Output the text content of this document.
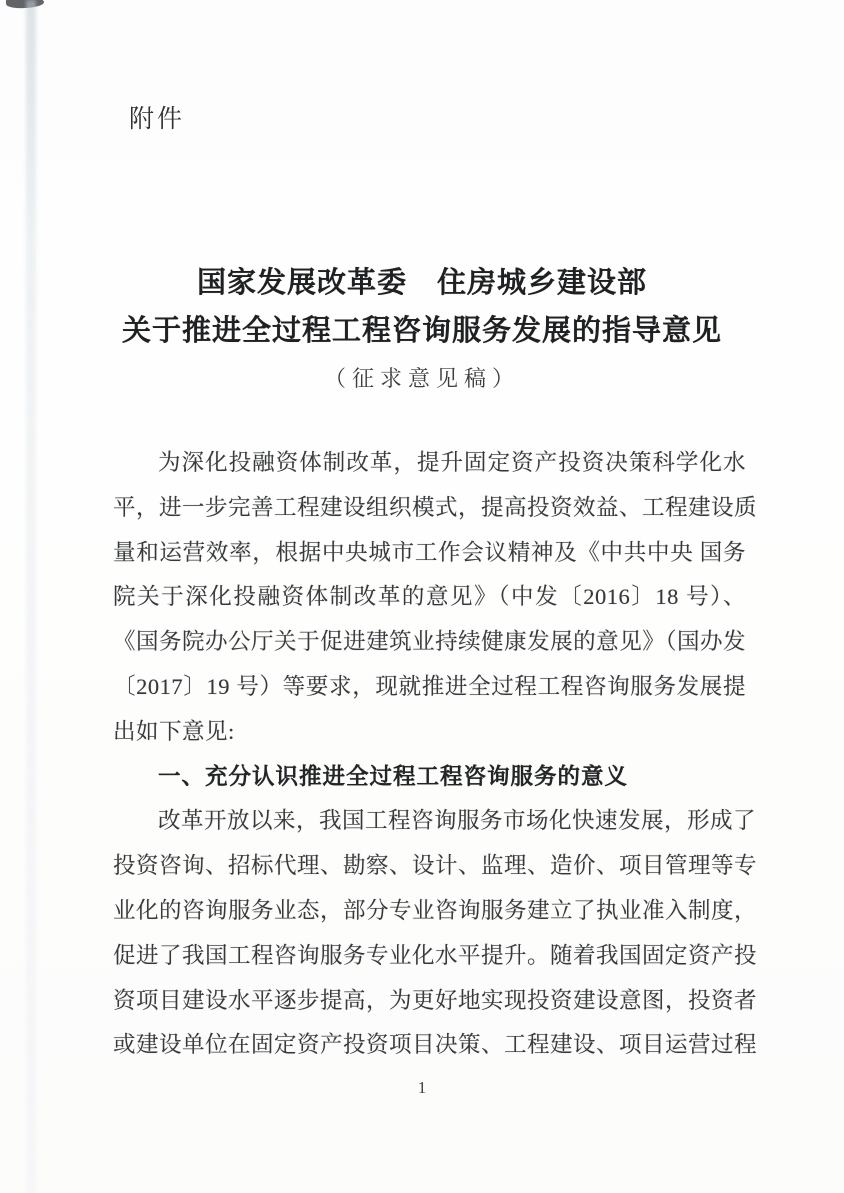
附件
国家发展改革委　住房城乡建设部
关于推进全过程工程咨询服务发展的指导意见
（征求意见稿）
为深化投融资体制改革，提升固定资产投资决策科学化水
平，进一步完善工程建设组织模式，提高投资效益、工程建设质
量和运营效率，根据中央城市工作会议精神及《中共中央 国务
院关于深化投融资体制改革的意见》（中发〔2016〕18 号）、
《国务院办公厅关于促进建筑业持续健康发展的意见》（国办发
〔2017〕19 号）等要求，现就推进全过程工程咨询服务发展提
出如下意见:
一、充分认识推进全过程工程咨询服务的意义
改革开放以来，我国工程咨询服务市场化快速发展，形成了
投资咨询、招标代理、勘察、设计、监理、造价、项目管理等专
业化的咨询服务业态，部分专业咨询服务建立了执业准入制度，
促进了我国工程咨询服务专业化水平提升。随着我国固定资产投
资项目建设水平逐步提高，为更好地实现投资建设意图，投资者
或建设单位在固定资产投资项目决策、工程建设、项目运营过程
1
